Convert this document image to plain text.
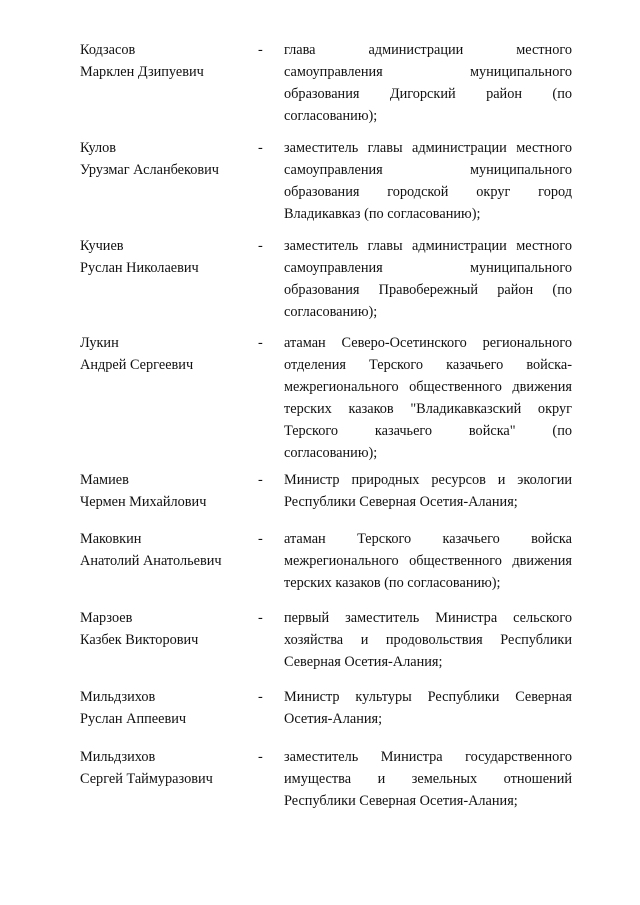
Кодзасов
Марклен Дзипуевич
- глава администрации местного
самоуправления муниципального
образования Дигорский район (по
согласованию);
Кулов
Урузмаг Асланбекович
- заместитель главы администрации местного
самоуправления муниципального
образования городской округ город
Владикавказ (по согласованию);
Кучиев
Руслан Николаевич
- заместитель главы администрации местного
самоуправления муниципального
образования Правобережный район (по
согласованию);
Лукин
Андрей Сергеевич
- атаман Северо-Осетинского регионального
отделения Терского казачьего войска-
межрегионального общественного движения
терских казаков "Владикавказский округ
Терского казачьего войска" (по
согласованию);
Мамиев
Чермен Михайлович
- Министр природных ресурсов и экологии
Республики Северная Осетия-Алания;
Маковкин
Анатолий Анатольевич
- атаман Терского казачьего войска
межрегионального общественного движения
терских казаков (по согласованию);
Марзоев
Казбек Викторович
- первый заместитель Министра сельского
хозяйства и продовольствия Республики
Северная Осетия-Алания;
Мильдзихов
Руслан Аппеевич
- Министр культуры Республики Северная
Осетия-Алания;
Мильдзихов
Сергей Таймуразович
- заместитель Министра государственного
имущества и земельных отношений
Республики Северная Осетия-Алания;
